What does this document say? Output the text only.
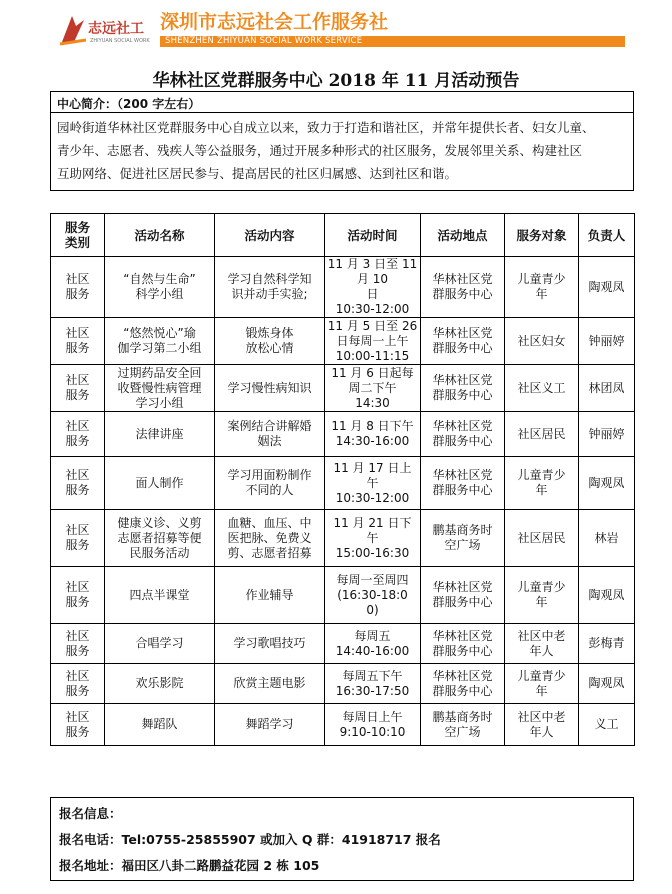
志远社工
ZHIYUAN SOCIAL WORK
深圳市志远社会工作服务社
SHENZHEN ZHIYUAN SOCIAL WORK SERVICE
华林社区党群服务中心 2018 年 11 月活动预告
中心简介：（200 字左右）
园岭街道华林社区党群服务中心自成立以来，致力于打造和谐社区，并常年提供长者、妇女儿童、
青少年、志愿者、残疾人等公益服务，通过开展多种形式的社区服务，发展邻里关系、构建社区
互助网络、促进社区居民参与、提高居民的社区归属感、达到社区和谐。
服务
类别	活动名称	活动内容	活动时间	活动地点	服务对象	负责人
社区
服务	“自然与生命”
科学小组	学习自然科学知
识并动手实验;	11 月 3 日至 11
月 10
日
10:30-12:00	华林社区党
群服务中心	儿童青少
年	陶观凤
社区
服务	“悠然悦心”瑜
伽学习第二小组	锻炼身体
放松心情	11 月 5 日至 26
日每周一上午
10:00-11:15	华林社区党
群服务中心	社区妇女	钟丽婷
社区
服务	过期药品安全回
收暨慢性病管理
学习小组	学习慢性病知识	11 月 6 日起每
周二下午
14:30	华林社区党
群服务中心	社区义工	林团凤
社区
服务	法律讲座	案例结合讲解婚
姻法	11 月 8 日下午
14:30-16:00	华林社区党
群服务中心	社区居民	钟丽婷
社区
服务	面人制作	学习用面粉制作
不同的人	11 月 17 日上
午
10:30-12:00	华林社区党
群服务中心	儿童青少
年	陶观凤
社区
服务	健康义诊、义剪
志愿者招募等便
民服务活动	血糖、血压、中
医把脉、免费义
剪、志愿者招募	11 月 21 日下
午
15:00-16:30	鹏基商务时
空广场	社区居民	林岩
社区
服务	四点半课堂	作业辅导	每周一至周四
(16:30-18:0
0)	华林社区党
群服务中心	儿童青少
年	陶观凤
社区
服务	合唱学习	学习歌唱技巧	每周五
14:40-16:00	华林社区党
群服务中心	社区中老
年人	彭梅青
社区
服务	欢乐影院	欣赏主题电影	每周五下午
16:30-17:50	华林社区党
群服务中心	儿童青少
年	陶观凤
社区
服务	舞蹈队	舞蹈学习	每周日上午
9:10-10:10	鹏基商务时
空广场	社区中老
年人	义工
报名信息：
报名电话：Tel:0755-25855907 或加入 Q 群：41918717 报名
报名地址：福田区八卦二路鹏益花园 2 栋 105
